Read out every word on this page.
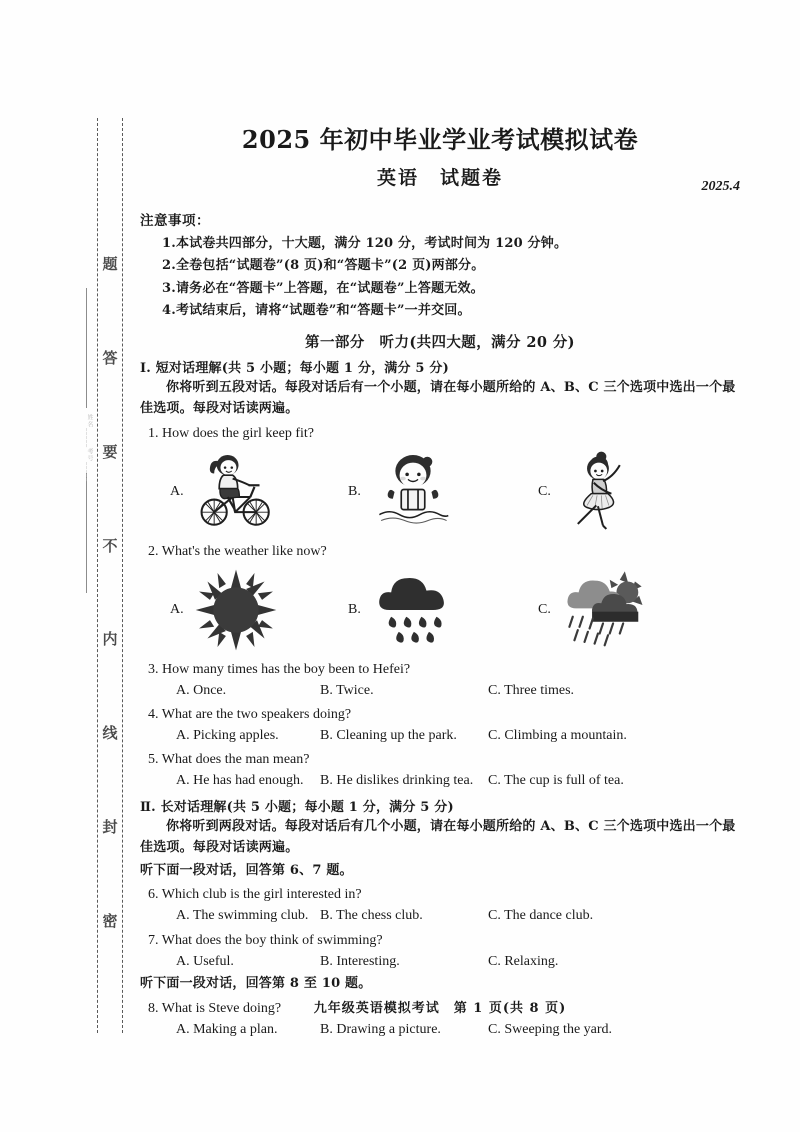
姓名_____考号_____
题
答
要
不
内
线
封
密
2025 年初中毕业学业考试模拟试卷
英语　试题卷	2025.4
注意事项：
1.本试卷共四部分，十大题，满分 120 分，考试时间为 120 分钟。
2.全卷包括“试题卷”(8 页)和“答题卡”(2 页)两部分。
3.请务必在“答题卡”上答题，在“试题卷”上答题无效。
4.考试结束后，请将“试题卷”和“答题卡”一并交回。
第一部分　听力(共四大题，满分 20 分)
Ⅰ. 短对话理解(共 5 小题；每小题 1 分，满分 5 分)
你将听到五段对话。每段对话后有一个小题，请在每小题所给的 A、B、C 三个选项中选出一个最佳选项。每段对话读两遍。
1. How does the girl keep fit?
A.	B.	C.
2. What's the weather like now?
A.	B.	C.
3. How many times has the boy been to Hefei?
A. Once.	B. Twice.	C. Three times.
4. What are the two speakers doing?
A. Picking apples.	B. Cleaning up the park.	C. Climbing a mountain.
5. What does the man mean?
A. He has had enough.	B. He dislikes drinking tea.	C. The cup is full of tea.
Ⅱ. 长对话理解(共 5 小题；每小题 1 分，满分 5 分)
你将听到两段对话。每段对话后有几个小题，请在每小题所给的 A、B、C 三个选项中选出一个最佳选项。每段对话读两遍。
听下面一段对话，回答第 6、7 题。
6. Which club is the girl interested in?
A. The swimming club. B. The chess club.	C. The dance club.
7. What does the boy think of swimming?
A. Useful.	B. Interesting.	C. Relaxing.
听下面一段对话，回答第 8 至 10 题。
8. What is Steve doing?
A. Making a plan.	B. Drawing a picture.	C. Sweeping the yard.
九年级英语模拟考试　第 1 页(共 8 页)
